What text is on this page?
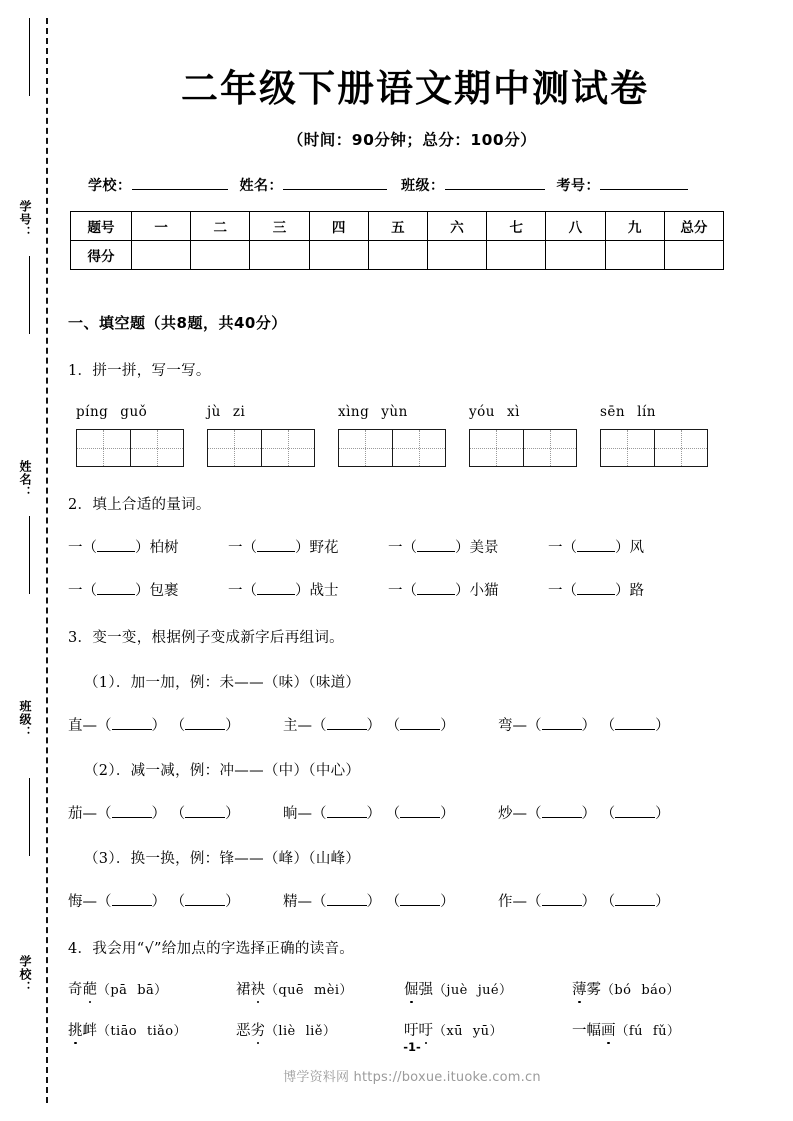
学号：
姓名：
班级：
学校：
二年级下册语文期中测试卷
（时间：90分钟；总分：100分）
学校：	姓名：	班级：	考号：
题号	一	二	三	四	五	六	七	八	九	总分
得分										
一、填空题（共8题，共40分）
1．拼一拼，写一写。
píng guǒ	jù zi	xìng yùn	yóu xì	sēn lín
2．填上合适的量词。
一（	）柏树	一（	）野花	一（	）美景	一（	）风
一（	）包裹	一（	）战士	一（	）小猫	一（	）路
3．变一变，根据例子变成新字后再组词。
（1）．加一加，例：未——（味）（味道）
直—（	） （	）	主—（	） （	）	弯—（	） （	）
（2）．减一减，例：冲——（中）（中心）
茄—（	） （	）	晌—（	） （	）	炒—（	） （	）
（3）．换一换，例：锋——（峰）（山峰）
悔—（	） （	）	精—（	） （	）	作—（	） （	）
4．我会用“√”给加点的字选择正确的读音。
奇葩（pā bā）	裙袂（quē mèi）	倔强（juè jué）	薄雾（bó báo）
挑衅（tiāo tiǎo）	恶劣（liè liě）	吁吁（xū yū）	一幅画（fú fǔ）
-1-
博学资料网 https://boxue.ituoke.com.cn
